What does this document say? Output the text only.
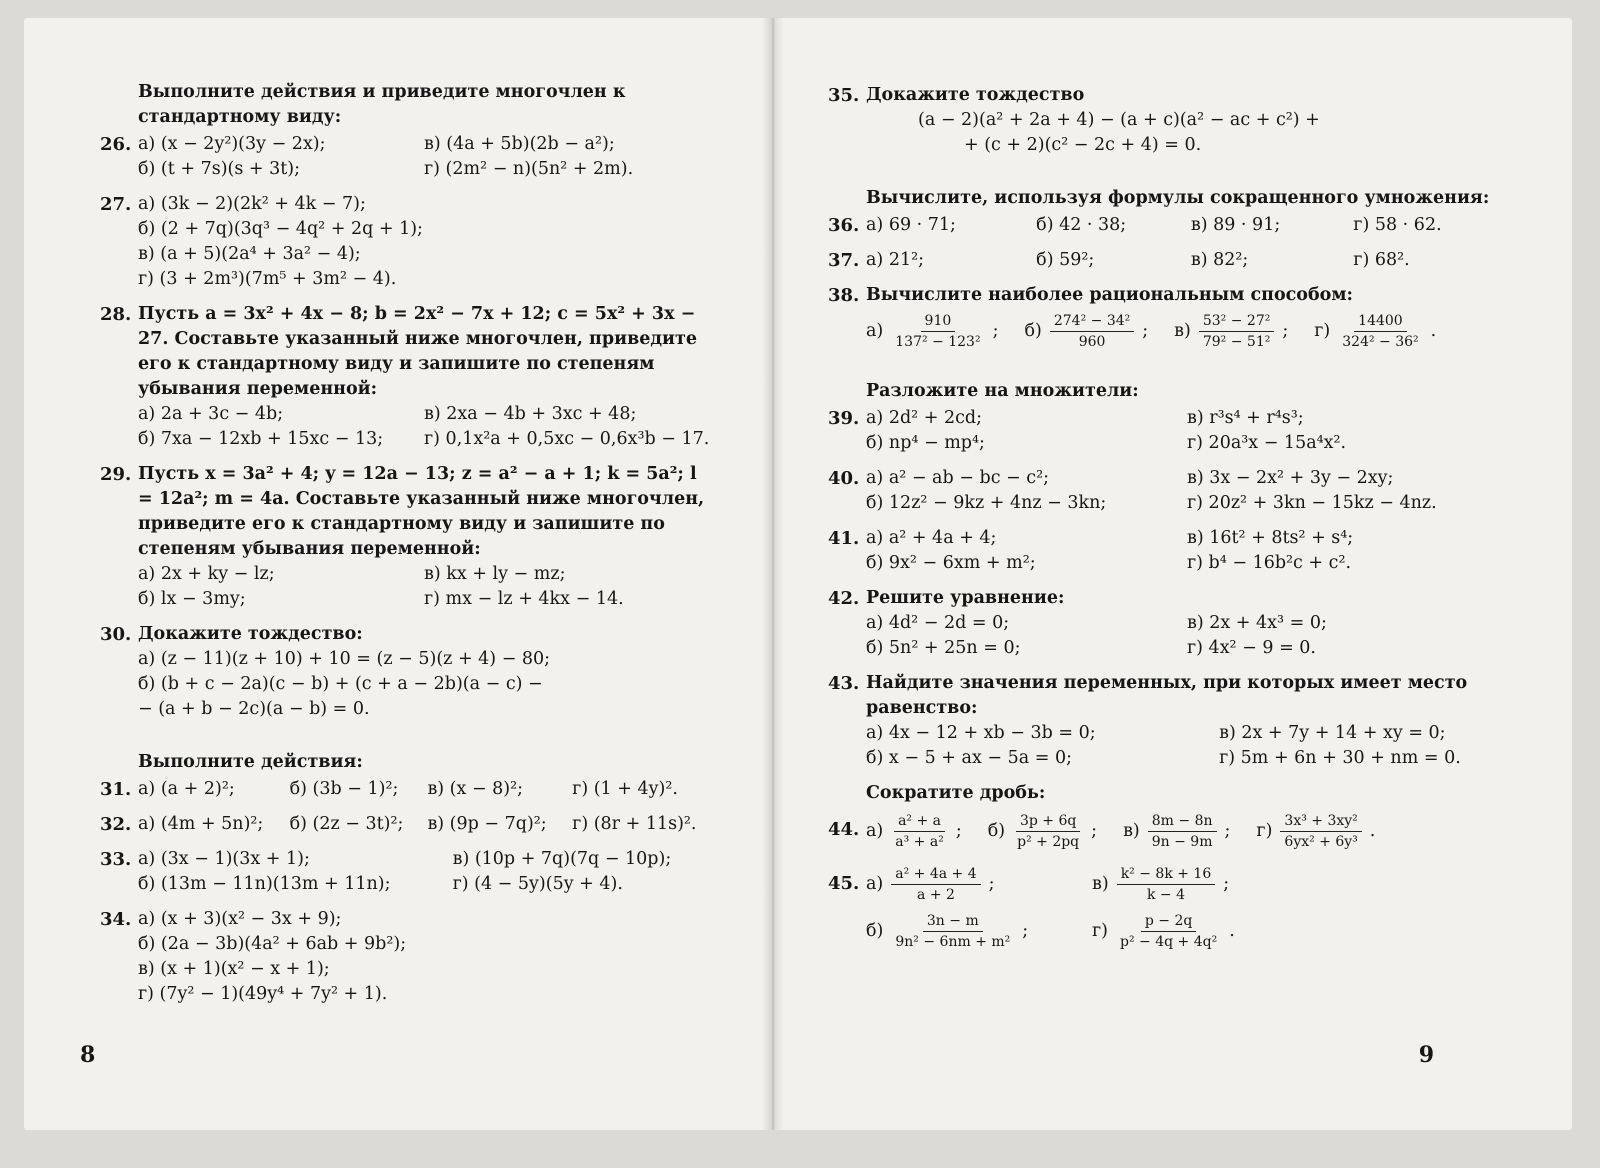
Выполните действия и приведите многочлен к стандартному виду:
26. а) (x − 2y²)(3y − 2x);	в) (4a + 5b)(2b − a²);
б) (t + 7s)(s + 3t);	г) (2m² − n)(5n² + 2m).
27. а) (3k − 2)(2k² + 4k − 7);
б) (2 + 7q)(3q³ − 4q² + 2q + 1);
в) (a + 5)(2a⁴ + 3a² − 4);
г) (3 + 2m³)(7m⁵ + 3m² − 4).
28. Пусть a = 3x² + 4x − 8; b = 2x² − 7x + 12; c = 5x² + 3x − 27. Составьте указанный ниже многочлен, приведите его к стандартному виду и запишите по степеням убывания переменной:
а) 2a + 3c − 4b;	в) 2xa − 4b + 3xc + 48;
б) 7xa − 12xb + 15xc − 13;	г) 0,1x²a + 0,5xc − 0,6x³b − 17.
29. Пусть x = 3a² + 4; y = 12a − 13; z = a² − a + 1; k = 5a²; l = 12a²; m = 4a. Составьте указанный ниже многочлен, приведите его к стандартному виду и запишите по степеням убывания переменной:
а) 2x + ky − lz;	в) kx + ly − mz;
б) lx − 3my;	г) mx − lz + 4kx − 14.
30. Докажите тождество:
а) (z − 11)(z + 10) + 10 = (z − 5)(z + 4) − 80;
б) (b + c − 2a)(c − b) + (c + a − 2b)(a − c) −
− (a + b − 2c)(a − b) = 0.
Выполните действия:
31. а) (a + 2)²;	б) (3b − 1)²;	в) (x − 8)²;	г) (1 + 4y)².
32. а) (4m + 5n)²;	б) (2z − 3t)²;	в) (9p − 7q)²;	г) (8r + 11s)².
33. а) (3x − 1)(3x + 1);	в) (10p + 7q)(7q − 10p);
б) (13m − 11n)(13m + 11n);	г) (4 − 5y)(5y + 4).
34. а) (x + 3)(x² − 3x + 9);
б) (2a − 3b)(4a² + 6ab + 9b²);
в) (x + 1)(x² − x + 1);
г) (7y² − 1)(49y⁴ + 7y² + 1).
8
35. Докажите тождество
(a − 2)(a² + 2a + 4) − (a + c)(a² − ac + c²) +
+ (c + 2)(c² − 2c + 4) = 0.
Вычислите, используя формулы сокращенного умножения:
36. а) 69 · 71;	б) 42 · 38;	в) 89 · 91;	г) 58 · 62.
37. а) 21²;	б) 59²;	в) 82²;	г) 68².
38. Вычислите наиболее рациональным способом:
$а) \frac{910}{\text{137² − 123²}}$ ; $б) \frac{\text{274² − 34²}}{960}$ ; $в) \frac{\text{53² − 27²}}{\text{79² − 51²}}$ ; $г) \frac{14400}{\text{324² − 36²}}$ .
Разложите на множители:
39. а) 2d² + 2cd;	в) r³s⁴ + r⁴s³;
б) np⁴ − mp⁴;	г) 20a³x − 15a⁴x².
40. а) a² − ab − bc − c²;	в) 3x − 2x² + 3y − 2xy;
б) 12z² − 9kz + 4nz − 3kn;	г) 20z² + 3kn − 15kz − 4nz.
41. а) a² + 4a + 4;	в) 16t² + 8ts² + s⁴;
б) 9x² − 6xm + m²;	г) b⁴ − 16b²c + c².
42. Решите уравнение:
а) 4d² − 2d = 0;	в) 2x + 4x³ = 0;
б) 5n² + 25n = 0;	г) 4x² − 9 = 0.
43. Найдите значения переменных, при которых имеет место равенство:
а) 4x − 12 + xb − 3b = 0;	в) 2x + 7y + 14 + xy = 0;
б) x − 5 + ax − 5a = 0;	г) 5m + 6n + 30 + nm = 0.
Сократите дробь:
44. $а) \frac{\text{a² + a}}{\text{a³ + a²}}$ ; $б) \frac{3p + 6q}{\text{p² + 2pq}}$ ; $в) \frac{8m - 8n}{9n - 9m}$ ; $г) \frac{\text{3x³ + 3xy²}}{\text{6yx² + 6y³}}$ .
45. $а) \frac{\text{a² + 4a + 4}}{a + 2}$ ;	$в) \frac{\text{k² − 8k + 16}}{k - 4}$ ;
$б) \frac{3n - m}{\text{9n² − 6nm + m²}}$ ;	$г) \frac{p - 2q}{\text{p² − 4q + 4q²}}$ .
9
